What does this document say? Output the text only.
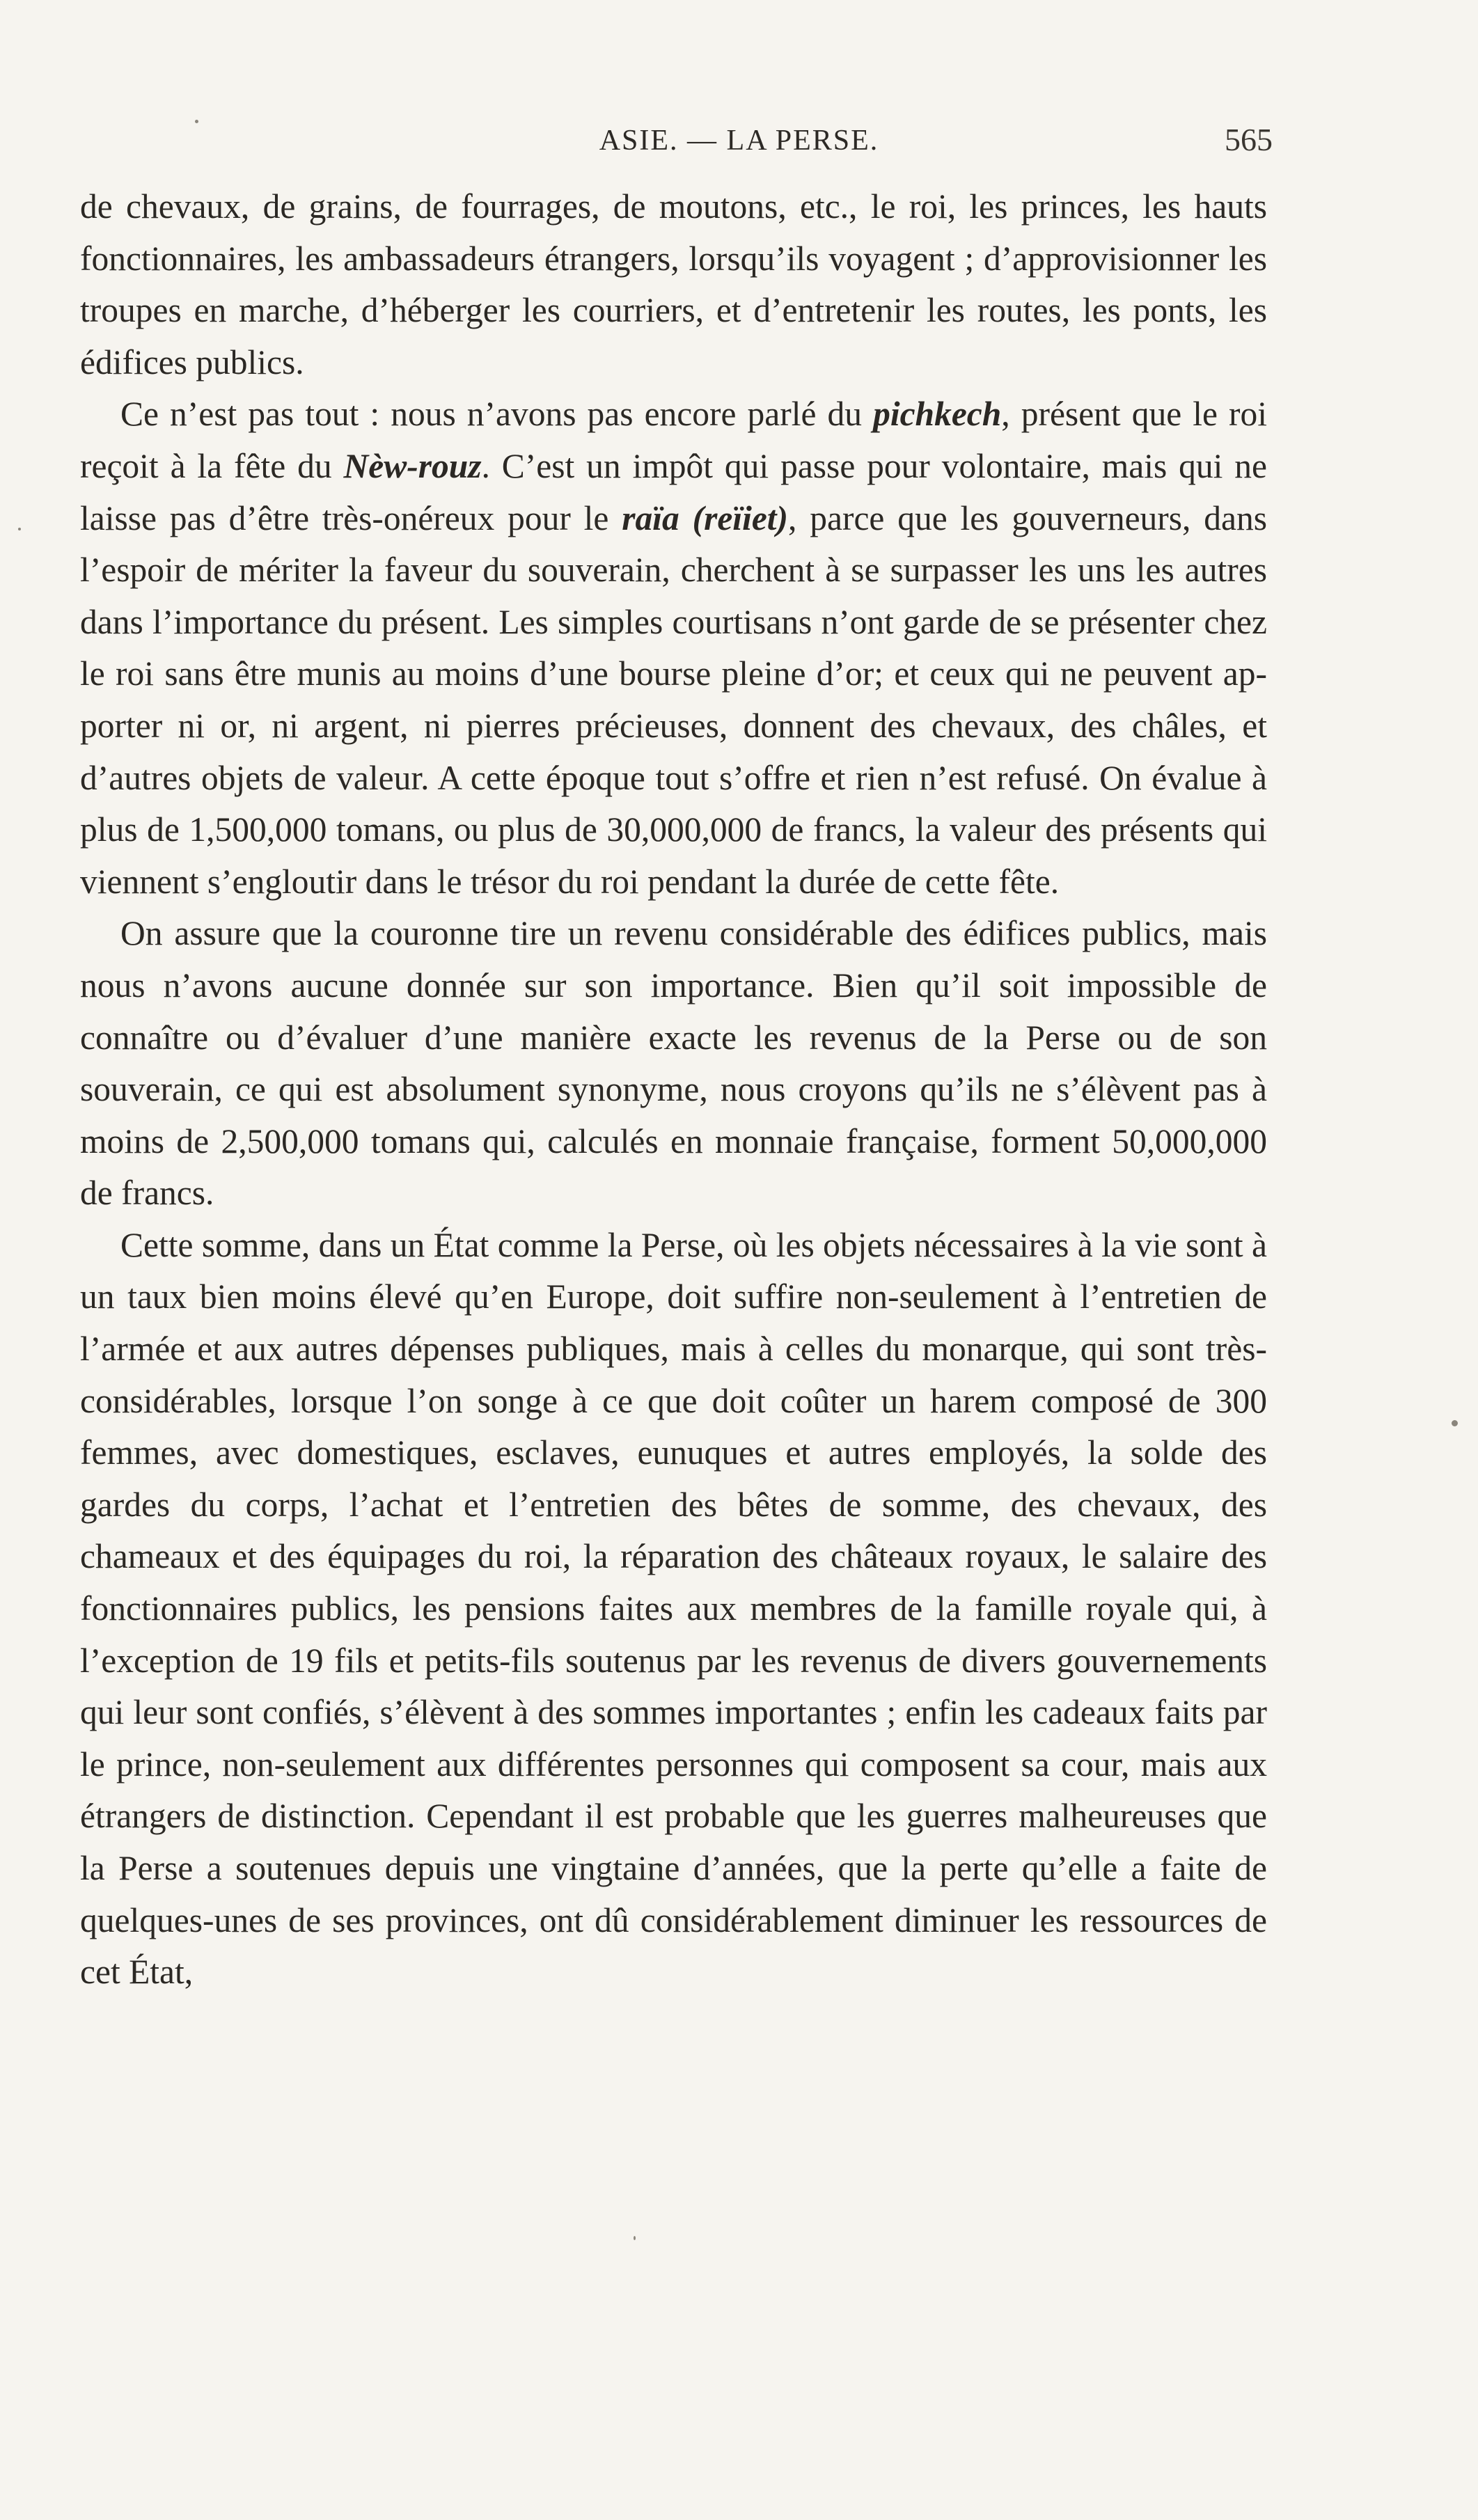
ASIE. — LA PERSE.	565

de chevaux, de grains, de fourrages, de moutons, etc., le roi, les princes, les hauts fonctionnaires, les ambassadeurs étrangers, lorsqu’ils voyagent ; d’approvisionner les troupes en marche, d’héberger les courriers, et d’entretenir les routes, les ponts, les édifices publics.

Ce n’est pas tout : nous n’avons pas encore parlé du pichkech, présent que le roi reçoit à la fête du Nèw-rouz. C’est un impôt qui passe pour volontaire, mais qui ne laisse pas d’être très-onéreux pour le raïa (reïiet), parce que les gouverneurs, dans l’espoir de mériter la faveur du souverain, cherchent à se surpasser les uns les autres dans l’importance du présent. Les simples courtisans n’ont garde de se présenter chez le roi sans être munis au moins d’une bourse pleine d’or; et ceux qui ne peuvent apporter ni or, ni argent, ni pierres précieuses, donnent des chevaux, des châles, et d’autres objets de valeur. A cette époque tout s’offre et rien n’est refusé. On évalue à plus de 1,500,000 tomans, ou plus de 30,000,000 de francs, la valeur des présents qui viennent s’engloutir dans le trésor du roi pendant la durée de cette fête.

On assure que la couronne tire un revenu considérable des édifices publics, mais nous n’avons aucune donnée sur son importance. Bien qu’il soit impossible de connaître ou d’évaluer d’une manière exacte les revenus de la Perse ou de son souverain, ce qui est absolument synonyme, nous croyons qu’ils ne s’élèvent pas à moins de 2,500,000 tomans qui, calculés en monnaie française, forment 50,000,000 de francs.

Cette somme, dans un État comme la Perse, où les objets nécessaires à la vie sont à un taux bien moins élevé qu’en Europe, doit suffire non-seulement à l’entretien de l’armée et aux autres dépenses publiques, mais à celles du monarque, qui sont très-considérables, lorsque l’on songe à ce que doit coûter un harem composé de 300 femmes, avec domestiques, esclaves, eunuques et autres employés, la solde des gardes du corps, l’achat et l’entretien des bêtes de somme, des chevaux, des chameaux et des équipages du roi, la réparation des châteaux royaux, le salaire des fonctionnaires publics, les pensions faites aux membres de la famille royale qui, à l’exception de 19 fils et petits-fils soutenus par les revenus de divers gouvernements qui leur sont confiés, s’élèvent à des sommes importantes ; enfin les cadeaux faits par le prince, non-seulement aux différentes personnes qui composent sa cour, mais aux étrangers de distinction. Cependant il est probable que les guerres malheureuses que la Perse a soutenues depuis une vingtaine d’années, que la perte qu’elle a faite de quelques-unes de ses provinces, ont dû considérablement diminuer les ressources de cet État,
